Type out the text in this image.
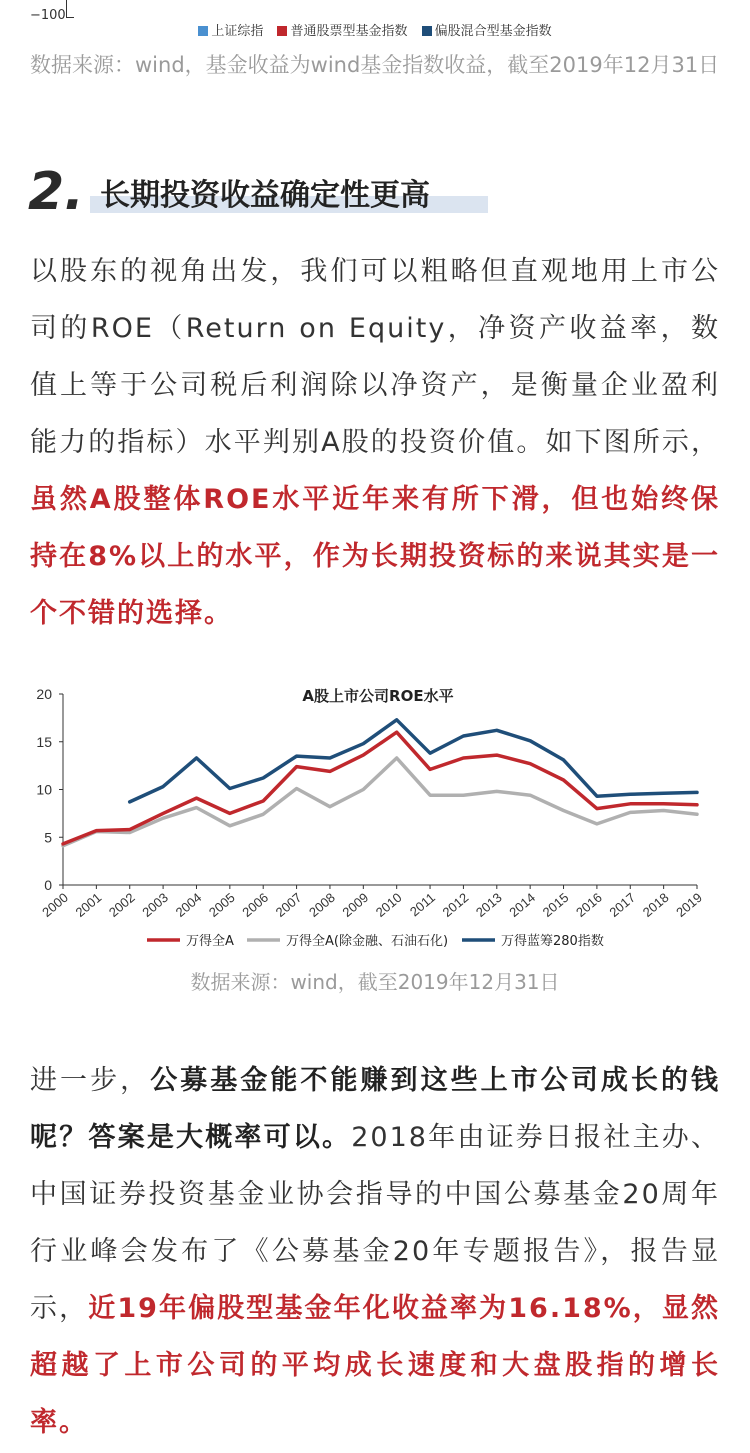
−100
上证综指 普通股票型基金指数 偏股混合型基金指数
数据来源：wind，基金收益为wind基金指数收益，截至2019年12月31日
2. 长期投资收益确定性更高
以股东的视角出发，我们可以粗略但直观地用上市公司的ROE（Return on Equity，净资产收益率，数值上等于公司税后利润除以净资产，是衡量企业盈利能力的指标）水平判别A股的投资价值。如下图所示，虽然A股整体ROE水平近年来有所下滑，但也始终保持在8%以上的水平，作为长期投资标的来说其实是一个不错的选择。
0
5
10
15
20
2000 2001 2002 2003 2004 2005 2006 2007 2008 2009 2010 2011 2012 2013 2014 2015 2016 2017 2018 2019
A股上市公司ROE水平
万得全A	万得全A(除金融、石油石化)	万得蓝筹280指数
数据来源：wind，截至2019年12月31日
进一步，公募基金能不能赚到这些上市公司成长的钱呢？答案是大概率可以。2018年由证券日报社主办、中国证券投资基金业协会指导的中国公募基金20周年行业峰会发布了《公募基金20年专题报告》，报告显示，近19年偏股型基金年化收益率为16.18%，显然超越了上市公司的平均成长速度和大盘股指的增长率。
